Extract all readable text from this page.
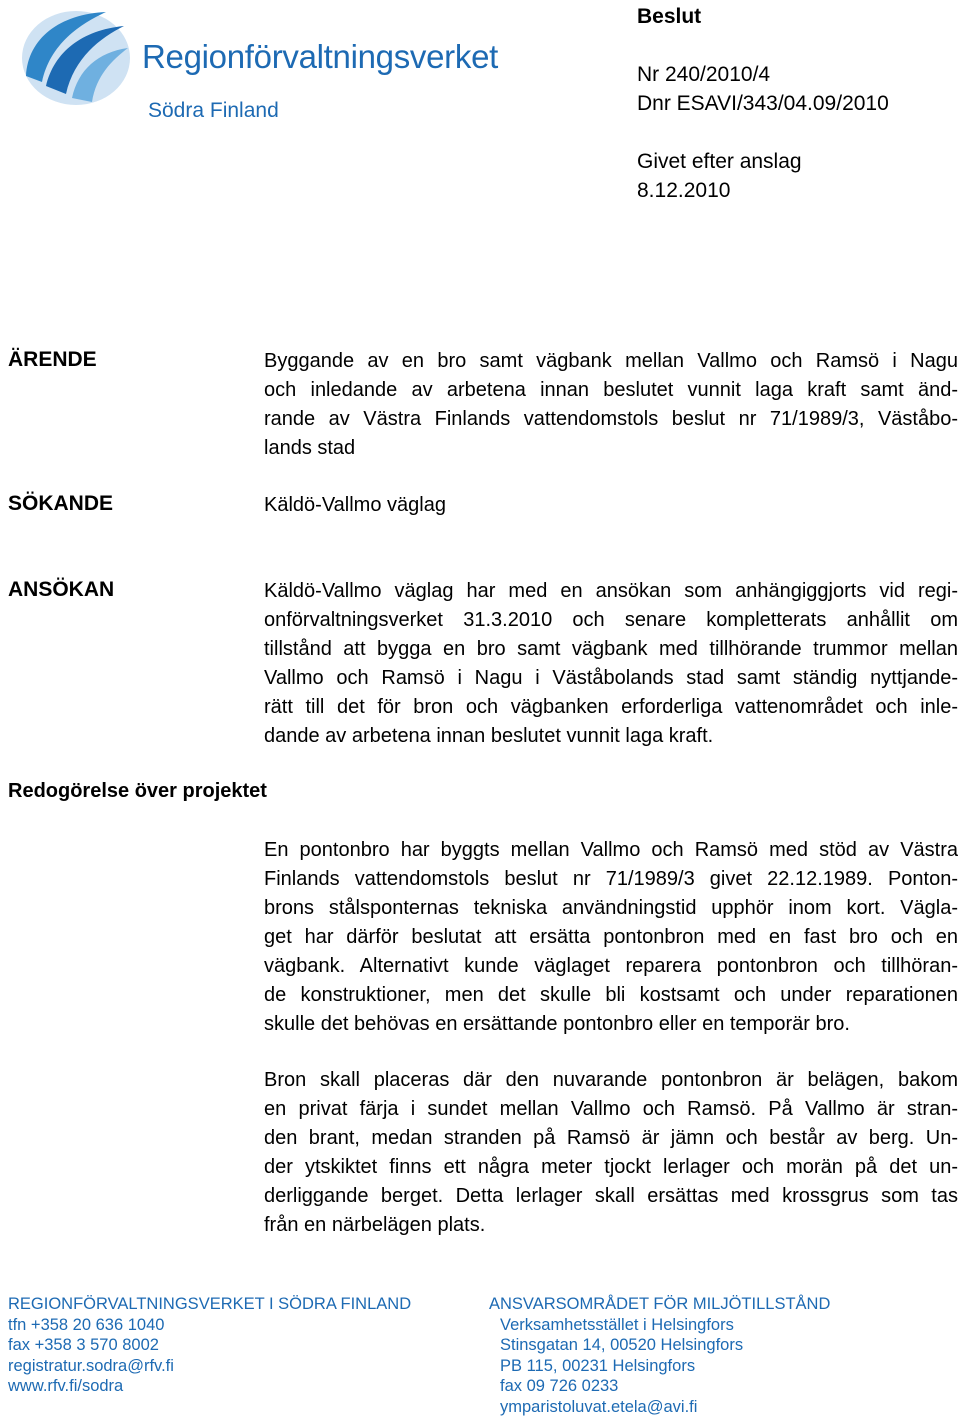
Regionförvaltningsverket
Södra Finland
Beslut
Nr 240/2010/4
Dnr ESAVI/343/04.09/2010
Givet efter anslag
8.12.2010
ÄRENDE	Byggande av en bro samt vägbank mellan Vallmo och Ramsö i Nagu
och inledande av arbetena innan beslutet vunnit laga kraft samt änd-
rande av Västra Finlands vattendomstols beslut nr 71/1989/3, Väståbo-
lands stad
SÖKANDE	Käldö-Vallmo väglag
ANSÖKAN	Käldö-Vallmo väglag har med en ansökan som anhängiggjorts vid regi-
onförvaltningsverket 31.3.2010 och senare kompletterats anhållit om
tillstånd att bygga en bro samt vägbank med tillhörande trummor mellan
Vallmo och Ramsö i Nagu i Väståbolands stad samt ständig nyttjande-
rätt till det för bron och vägbanken erforderliga vattenområdet och inle-
dande av arbetena innan beslutet vunnit laga kraft.
Redogörelse över projektet
En pontonbro har byggts mellan Vallmo och Ramsö med stöd av Västra
Finlands vattendomstols beslut nr 71/1989/3 givet 22.12.1989. Ponton-
brons stålsponternas tekniska användningstid upphör inom kort. Vägla-
get har därför beslutat att ersätta pontonbron med en fast bro och en
vägbank. Alternativt kunde väglaget reparera pontonbron och tillhöran-
de konstruktioner, men det skulle bli kostsamt och under reparationen
skulle det behövas en ersättande pontonbro eller en temporär bro.
Bron skall placeras där den nuvarande pontonbron är belägen, bakom
en privat färja i sundet mellan Vallmo och Ramsö. På Vallmo är stran-
den brant, medan stranden på Ramsö är jämn och består av berg. Un-
der ytskiktet finns ett några meter tjockt lerlager och morän på det un-
derliggande berget. Detta lerlager skall ersättas med krossgrus som tas
från en närbelägen plats.
REGIONFÖRVALTNINGSVERKET I SÖDRA FINLAND
tfn +358 20 636 1040
fax +358 3 570 8002
registratur.sodra@rfv.fi
www.rfv.fi/sodra
ANSVARSOMRÅDET FÖR MILJÖTILLSTÅND
Verksamhetsstället i Helsingfors
Stinsgatan 14, 00520 Helsingfors
PB 115, 00231 Helsingfors
fax 09 726 0233
ymparistoluvat.etela@avi.fi
